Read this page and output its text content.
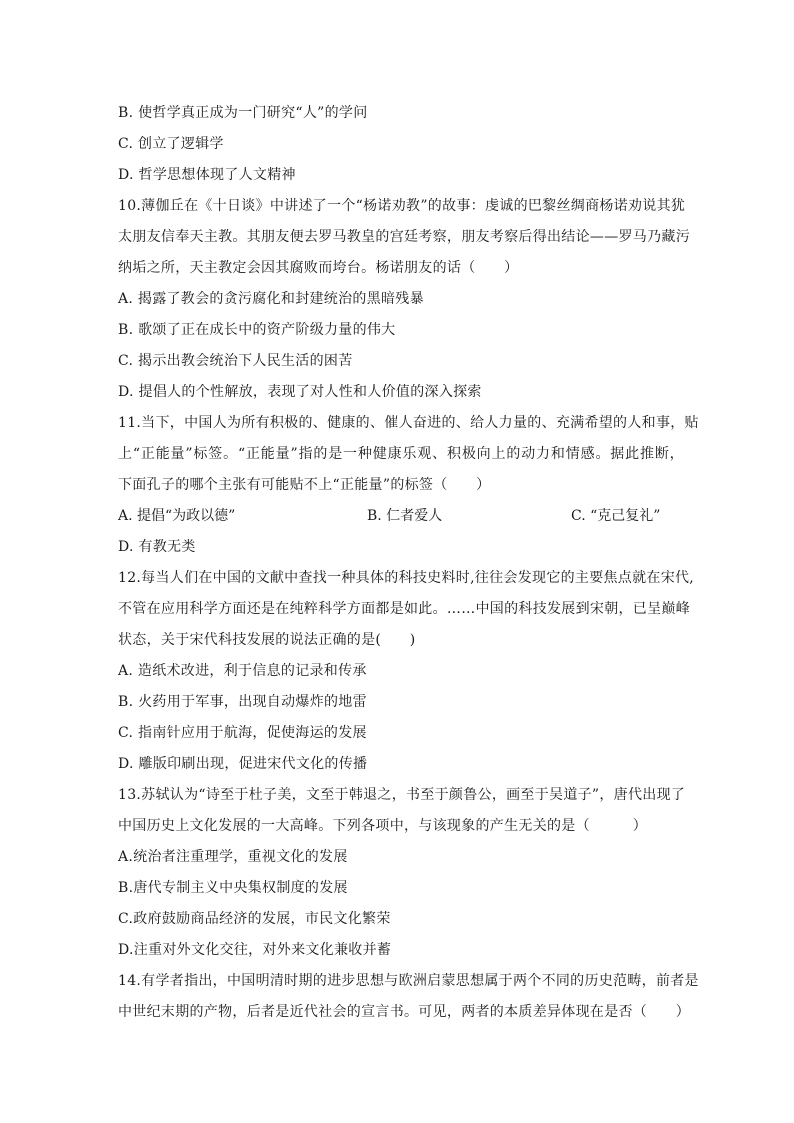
B. 使哲学真正成为一门研究“人”的学问
C. 创立了逻辑学
D. 哲学思想体现了人文精神
10.薄伽丘在《十日谈》中讲述了一个“杨诺劝教”的故事：虔诚的巴黎丝绸商杨诺劝说其犹
太朋友信奉天主教。其朋友便去罗马教皇的宫廷考察，朋友考察后得出结论——罗马乃藏污
纳垢之所，天主教定会因其腐败而垮台。杨诺朋友的话（　　）
A. 揭露了教会的贪污腐化和封建统治的黑暗残暴
B. 歌颂了正在成长中的资产阶级力量的伟大
C. 揭示出教会统治下人民生活的困苦
D. 提倡人的个性解放，表现了对人性和人价值的深入探索
11.当下，中国人为所有积极的、健康的、催人奋进的、给人力量的、充满希望的人和事，贴
上“正能量”标签。“正能量”指的是一种健康乐观、积极向上的动力和情感。据此推断，
下面孔子的哪个主张有可能贴不上“正能量”的标签（　　）
A. 提倡“为政以德”	B. 仁者爱人	C. “克己复礼”
D. 有教无类
12.每当人们在中国的文献中查找一种具体的科技史料时,往往会发现它的主要焦点就在宋代,
不管在应用科学方面还是在纯粹科学方面都是如此。……中国的科技发展到宋朝，已呈巅峰
状态，关于宋代科技发展的说法正确的是(　　)
A. 造纸术改进，利于信息的记录和传承
B. 火药用于军事，出现自动爆炸的地雷
C. 指南针应用于航海，促使海运的发展
D. 雕版印刷出现，促进宋代文化的传播
13.苏轼认为“诗至于杜子美，文至于韩退之，书至于颜鲁公，画至于吴道子”，唐代出现了
中国历史上文化发展的一大高峰。下列各项中，与该现象的产生无关的是（　　　）
A.统治者注重理学，重视文化的发展
B.唐代专制主义中央集权制度的发展
C.政府鼓励商品经济的发展，市民文化繁荣
D.注重对外文化交往，对外来文化兼收并蓄
14.有学者指出，中国明清时期的进步思想与欧洲启蒙思想属于两个不同的历史范畴，前者是
中世纪末期的产物，后者是近代社会的宣言书。可见，两者的本质差异体现在是否（　　）
